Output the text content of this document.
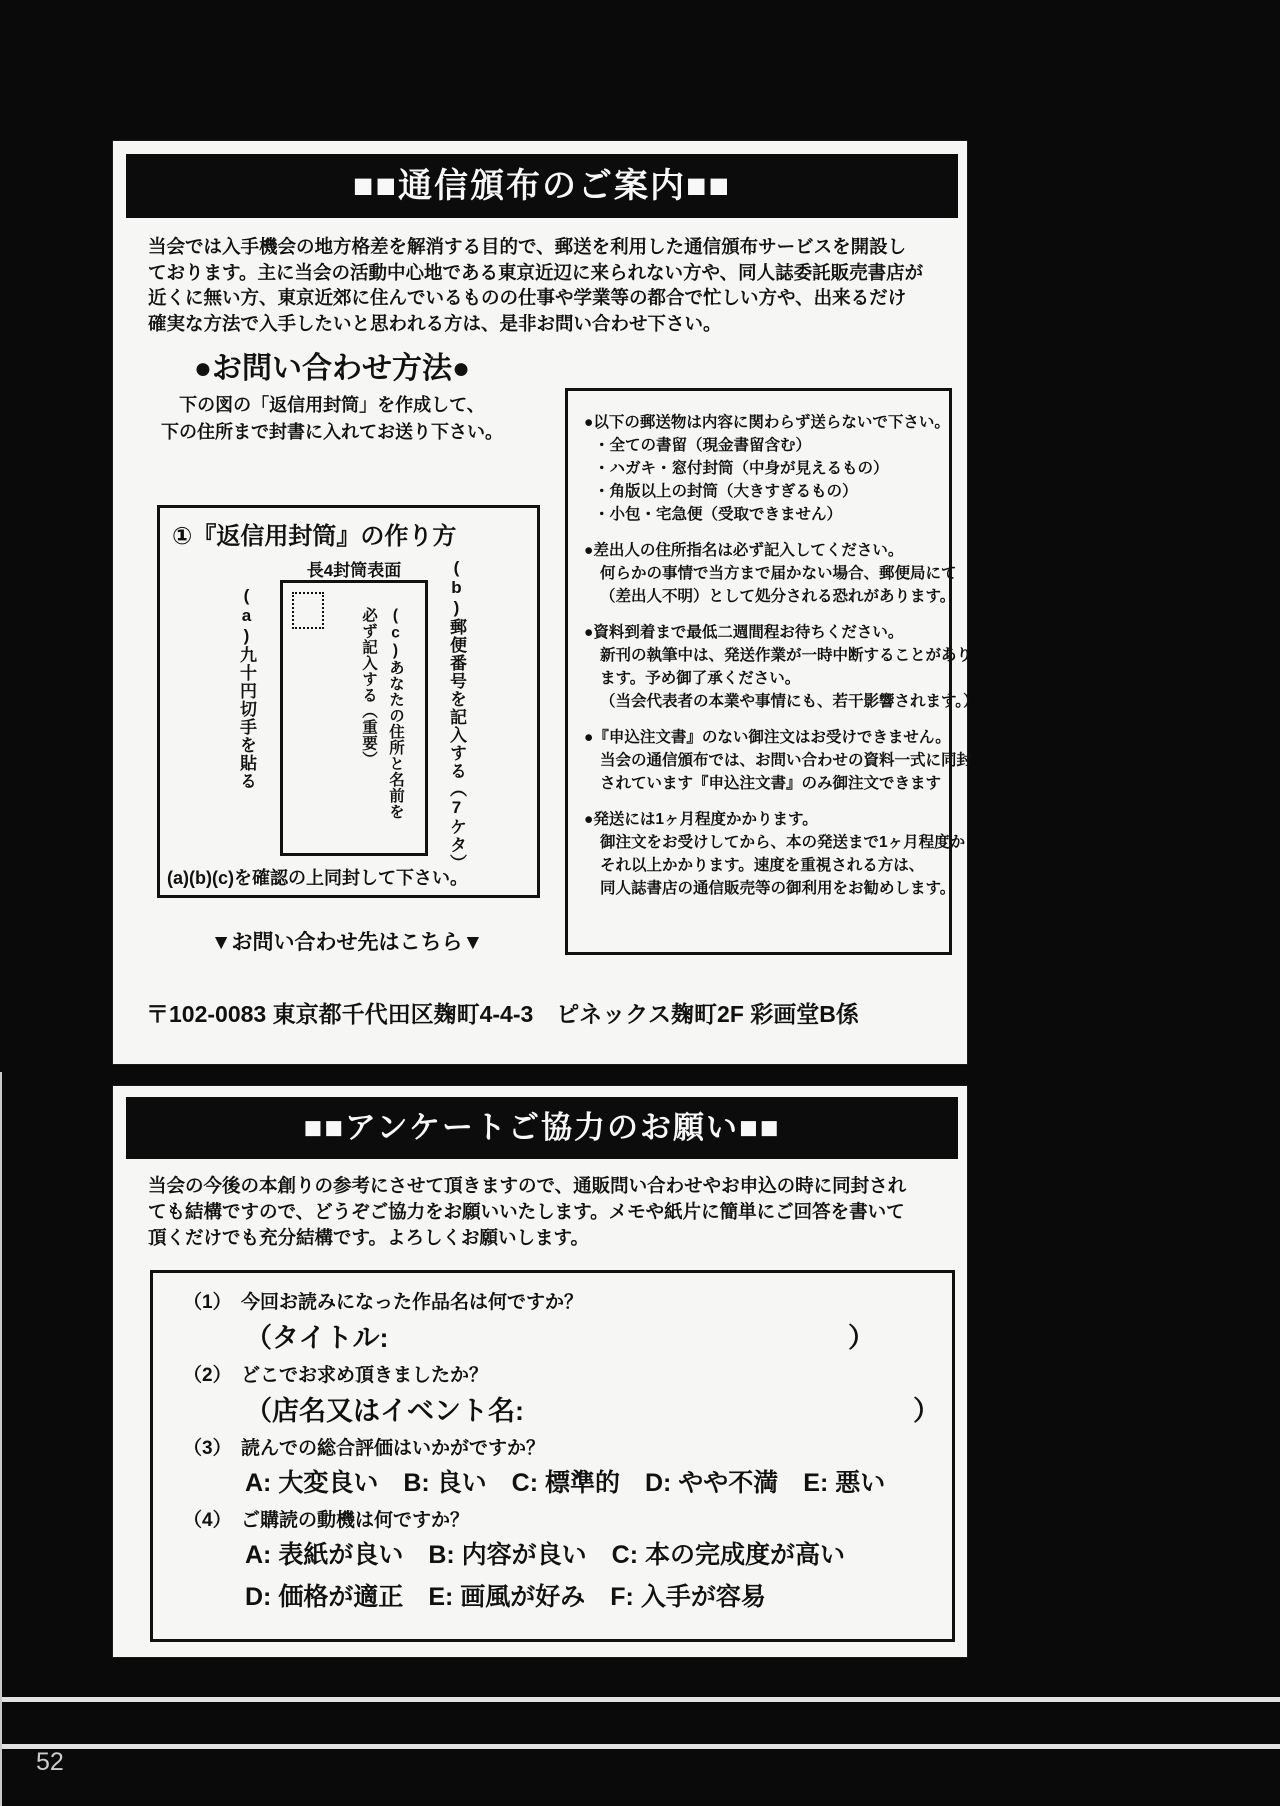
■■通信頒布のご案内■■
当会では入手機会の地方格差を解消する目的で、郵送を利用した通信頒布サービスを開設し
ております。主に当会の活動中心地である東京近辺に来られない方や、同人誌委託販売書店が
近くに無い方、東京近郊に住んでいるものの仕事や学業等の都合で忙しい方や、出来るだけ
確実な方法で入手したいと思われる方は、是非お問い合わせ下さい。
●お問い合わせ方法●
下の図の「返信用封筒」を作成して、
下の住所まで封書に入れてお送り下さい。
①『返信用封筒』の作り方
長4封筒表面
(a)九十円切手を貼る	(c)あなたの住所と名前を
必ず記入する（重要）	(b)郵便番号を記入する（7ケタ）
(a)(b)(c)を確認の上同封して下さい。
▼お問い合わせ先はこちら▼
●以下の郵送物は内容に関わらず送らないで下さい。
・全ての書留（現金書留含む）
・ハガキ・窓付封筒（中身が見えるもの）
・角版以上の封筒（大きすぎるもの）
・小包・宅急便（受取できません）
●差出人の住所指名は必ず記入してください。
何らかの事情で当方まで届かない場合、郵便局にて
（差出人不明）として処分される恐れがあります。
●資料到着まで最低二週間程お待ちください。
新刊の執筆中は、発送作業が一時中断することがあり
ます。予め御了承ください。
（当会代表者の本業や事情にも、若干影響されます。）
●『申込注文書』のない御注文はお受けできません。
当会の通信頒布では、お問い合わせの資料一式に同封
されています『申込注文書』のみ御注文できます
●発送には1ヶ月程度かかります。
御注文をお受けしてから、本の発送まで1ヶ月程度か
それ以上かかります。速度を重視される方は、
同人誌書店の通信販売等の御利用をお勧めします。
〒102-0083 東京都千代田区麹町4-4-3　ピネックス麹町2F 彩画堂B係
■■アンケートご協力のお願い■■
当会の今後の本創りの参考にさせて頂きますので、通販問い合わせやお申込の時に同封され
ても結構ですので、どうぞご協力をお願いいたします。メモや紙片に簡単にご回答を書いて
頂くだけでも充分結構です。よろしくお願いします。
（1） 今回お読みになった作品名は何ですか？
（タイトル:	）
（2） どこでお求め頂きましたか？
（店名又はイベント名:	）
（3） 読んでの総合評価はいかがですか？
A: 大変良い　B: 良い　C: 標準的　D: やや不満　E: 悪い
（4） ご購読の動機は何ですか？
A: 表紙が良い　B: 内容が良い　C: 本の完成度が高い
D: 価格が適正　E: 画風が好み　F: 入手が容易
52
